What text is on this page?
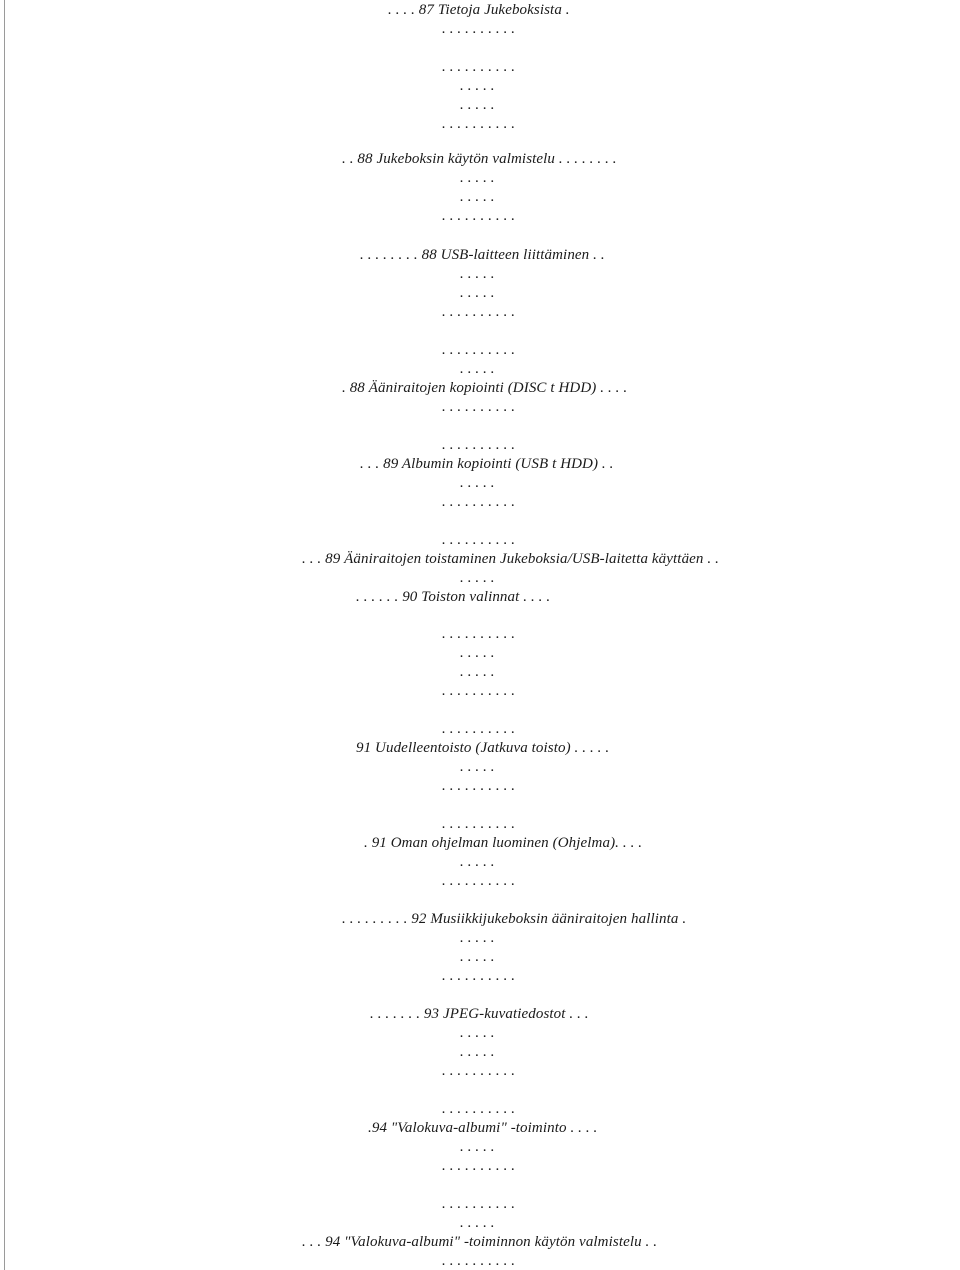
. . . . 87 Tietoja Jukeboksista .
. . . . . . . . . .
. . . . . . . . . .
. . . . .
. . . . .
. . . . . . . . . .
. . 88 Jukeboksin käytön valmistelu . . . . . . . .
. . . . .
. . . . .
. . . . . . . . . .
. . . . . . . . 88 USB-laitteen liittäminen . .
. . . . .
. . . . .
. . . . . . . . . .
. . . . . . . . . .
. . . . .
. 88 Ääniraitojen kopiointi (DISC t HDD) . . . .
. . . . . . . . . .
. . . . . . . . . .
. . . 89 Albumin kopiointi (USB t HDD) . .
. . . . .
. . . . . . . . . .
. . . . . . . . . .
. . . 89 Ääniraitojen toistaminen Jukeboksia/USB-laitetta käyttäen . .
. . . . .
. . . . . . 90 Toiston valinnat . . . .
. . . . . . . . . .
. . . . .
. . . . .
. . . . . . . . . .
. . . . . . . . . .
91 Uudelleentoisto (Jatkuva toisto) . . . . .
. . . . .
. . . . . . . . . .
. . . . . . . . . .
. 91 Oman ohjelman luominen (Ohjelma). . . .
. . . . .
. . . . . . . . . .
. . . . . . . . . 92 Musiikkijukeboksin ääniraitojen hallinta .
. . . . .
. . . . .
. . . . . . . . . .
. . . . . . . 93 JPEG-kuvatiedostot . . .
. . . . .
. . . . .
. . . . . . . . . .
. . . . . . . . . .
.94 "Valokuva-albumi" -toiminto . . . .
. . . . .
. . . . . . . . . .
. . . . . . . . . .
. . . . .
. . . 94 "Valokuva-albumi" -toiminnon käytön valmistelu . .
. . . . . . . . . .
